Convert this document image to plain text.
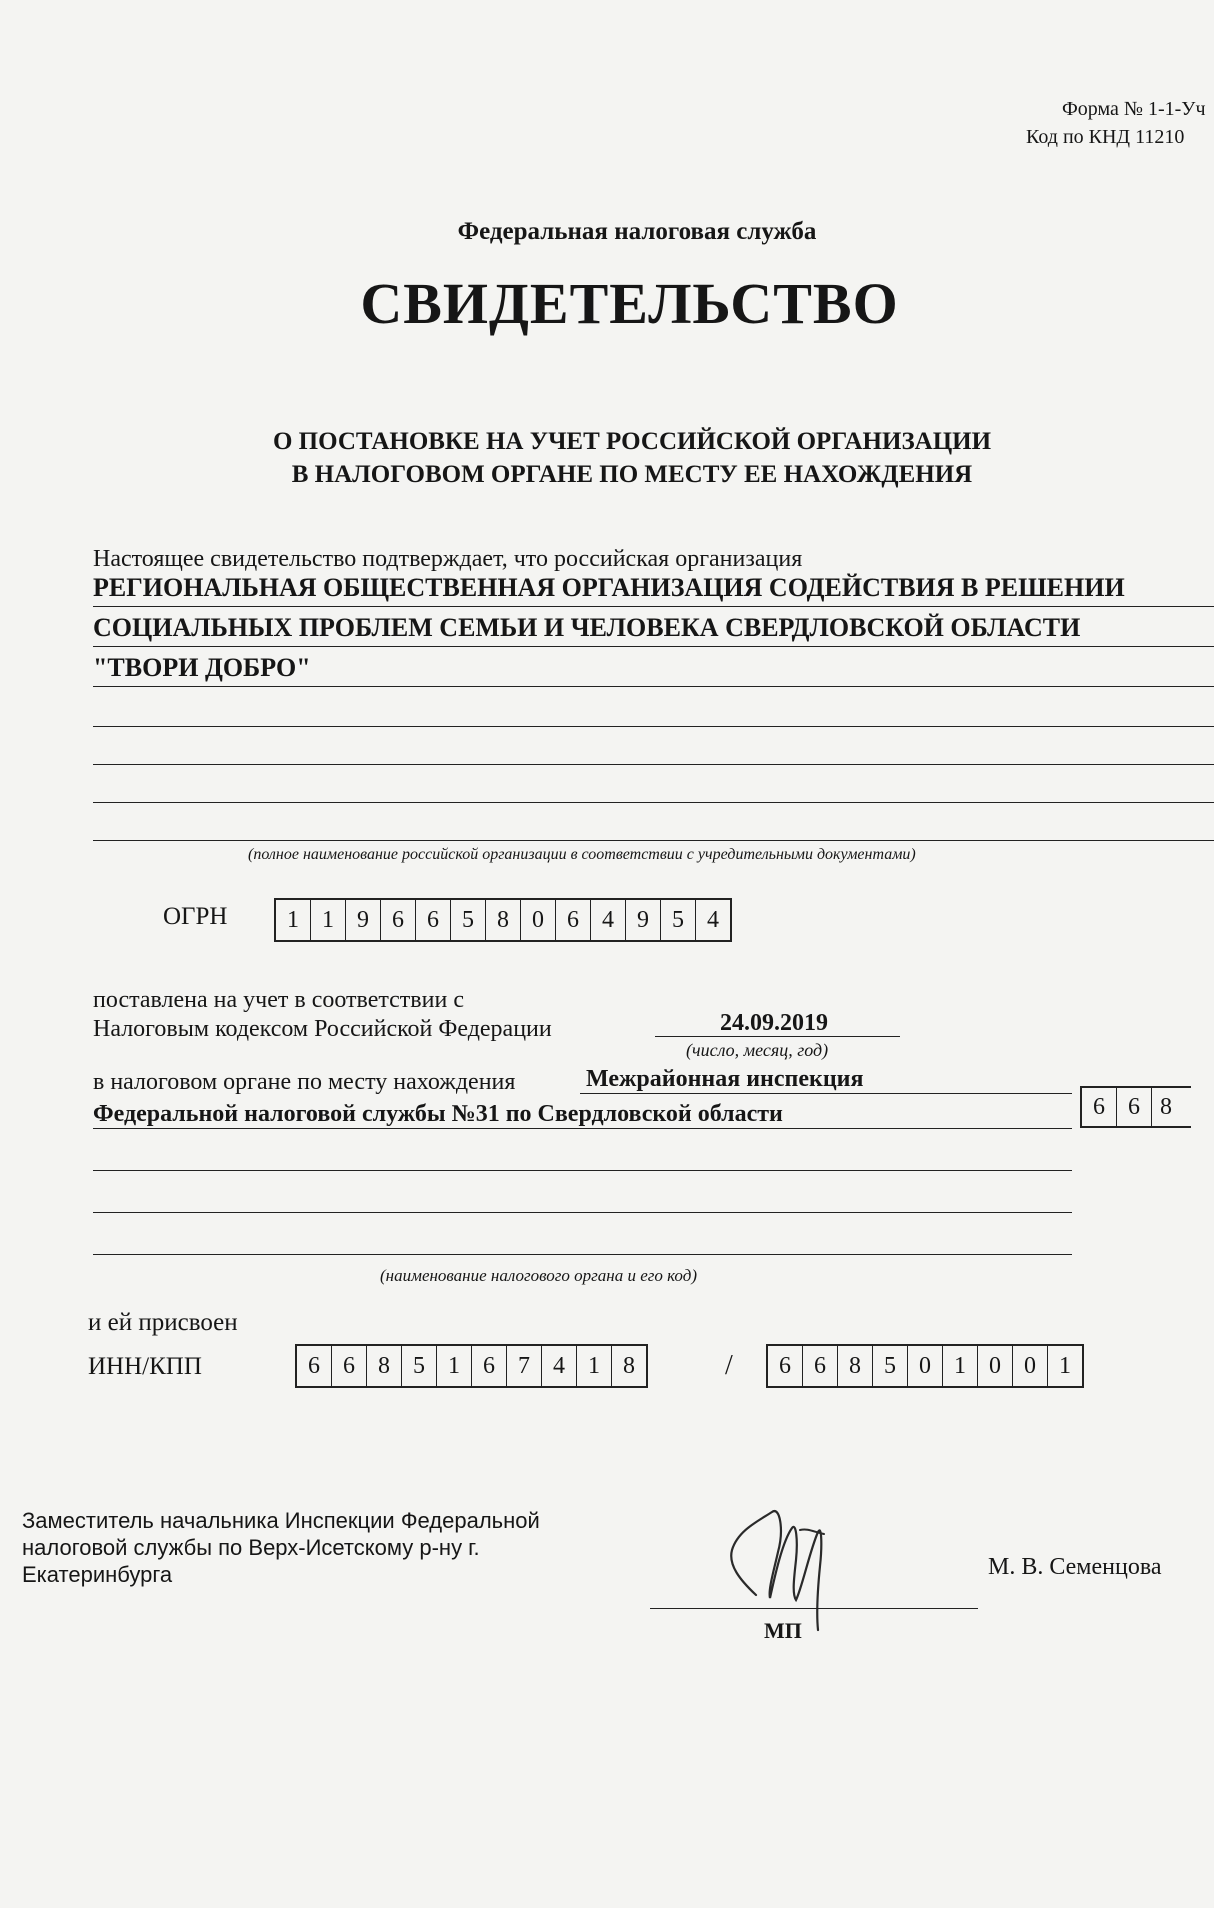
Форма № 1-1-Уч
Код по КНД 11210
Федеральная налоговая служба
СВИДЕТЕЛЬСТВО
О ПОСТАНОВКЕ НА УЧЕТ РОССИЙСКОЙ ОРГАНИЗАЦИИ
В НАЛОГОВОМ ОРГАНЕ ПО МЕСТУ ЕЕ НАХОЖДЕНИЯ
Настоящее свидетельство подтверждает, что российская организация
РЕГИОНАЛЬНАЯ ОБЩЕСТВЕННАЯ ОРГАНИЗАЦИЯ СОДЕЙСТВИЯ В РЕШЕНИИ
СОЦИАЛЬНЫХ ПРОБЛЕМ СЕМЬИ И ЧЕЛОВЕКА СВЕРДЛОВСКОЙ ОБЛАСТИ
"ТВОРИ ДОБРО"
(полное наименование российской организации в соответствии с учредительными документами)
ОГРН	1 1 9 6 6 5 8 0 6 4 9 5 4
поставлена на учет в соответствии с
Налоговым кодексом Российской Федерации	24.09.2019
(число, месяц, год)
в налоговом органе по месту нахождения	Межрайонная инспекция
Федеральной налоговой службы №31 по Свердловской области	6 6 8
(наименование налогового органа и его код)
и ей присвоен
ИНН/КПП	6 6 8 5 1 6 7 4 1 8	/	6 6 8 5 0 1 0 0 1
Заместитель начальника Инспекции Федеральной
налоговой службы по Верх-Исетскому р-ну г.
Екатеринбурга
МП
М. В. Семенцова
